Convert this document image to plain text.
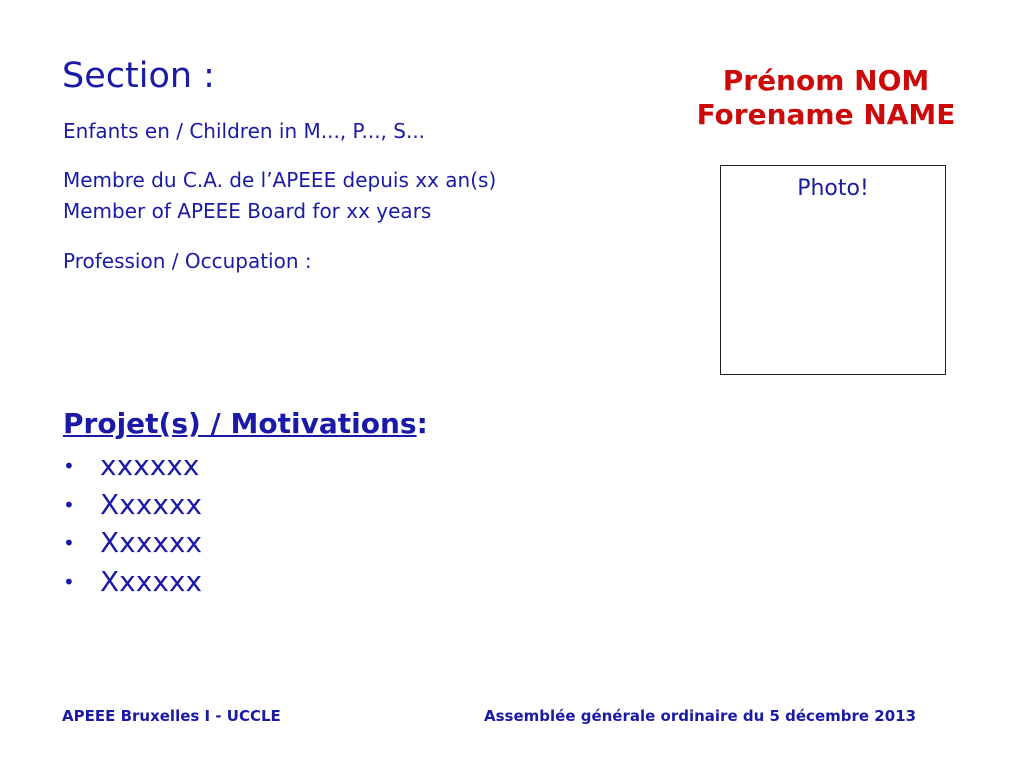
Section :
Enfants en / Children in M..., P..., S...
Membre du C.A. de l’APEEE depuis xx an(s)
Member of APEEE Board for xx years
Profession / Occupation :
Prénom NOM
Forename NAME
Photo!
Projet(s) / Motivations:
• xxxxxx
• Xxxxxx
• Xxxxxx
• Xxxxxx
APEEE Bruxelles I - UCCLE	Assemblée générale ordinaire du 5 décembre 2013
